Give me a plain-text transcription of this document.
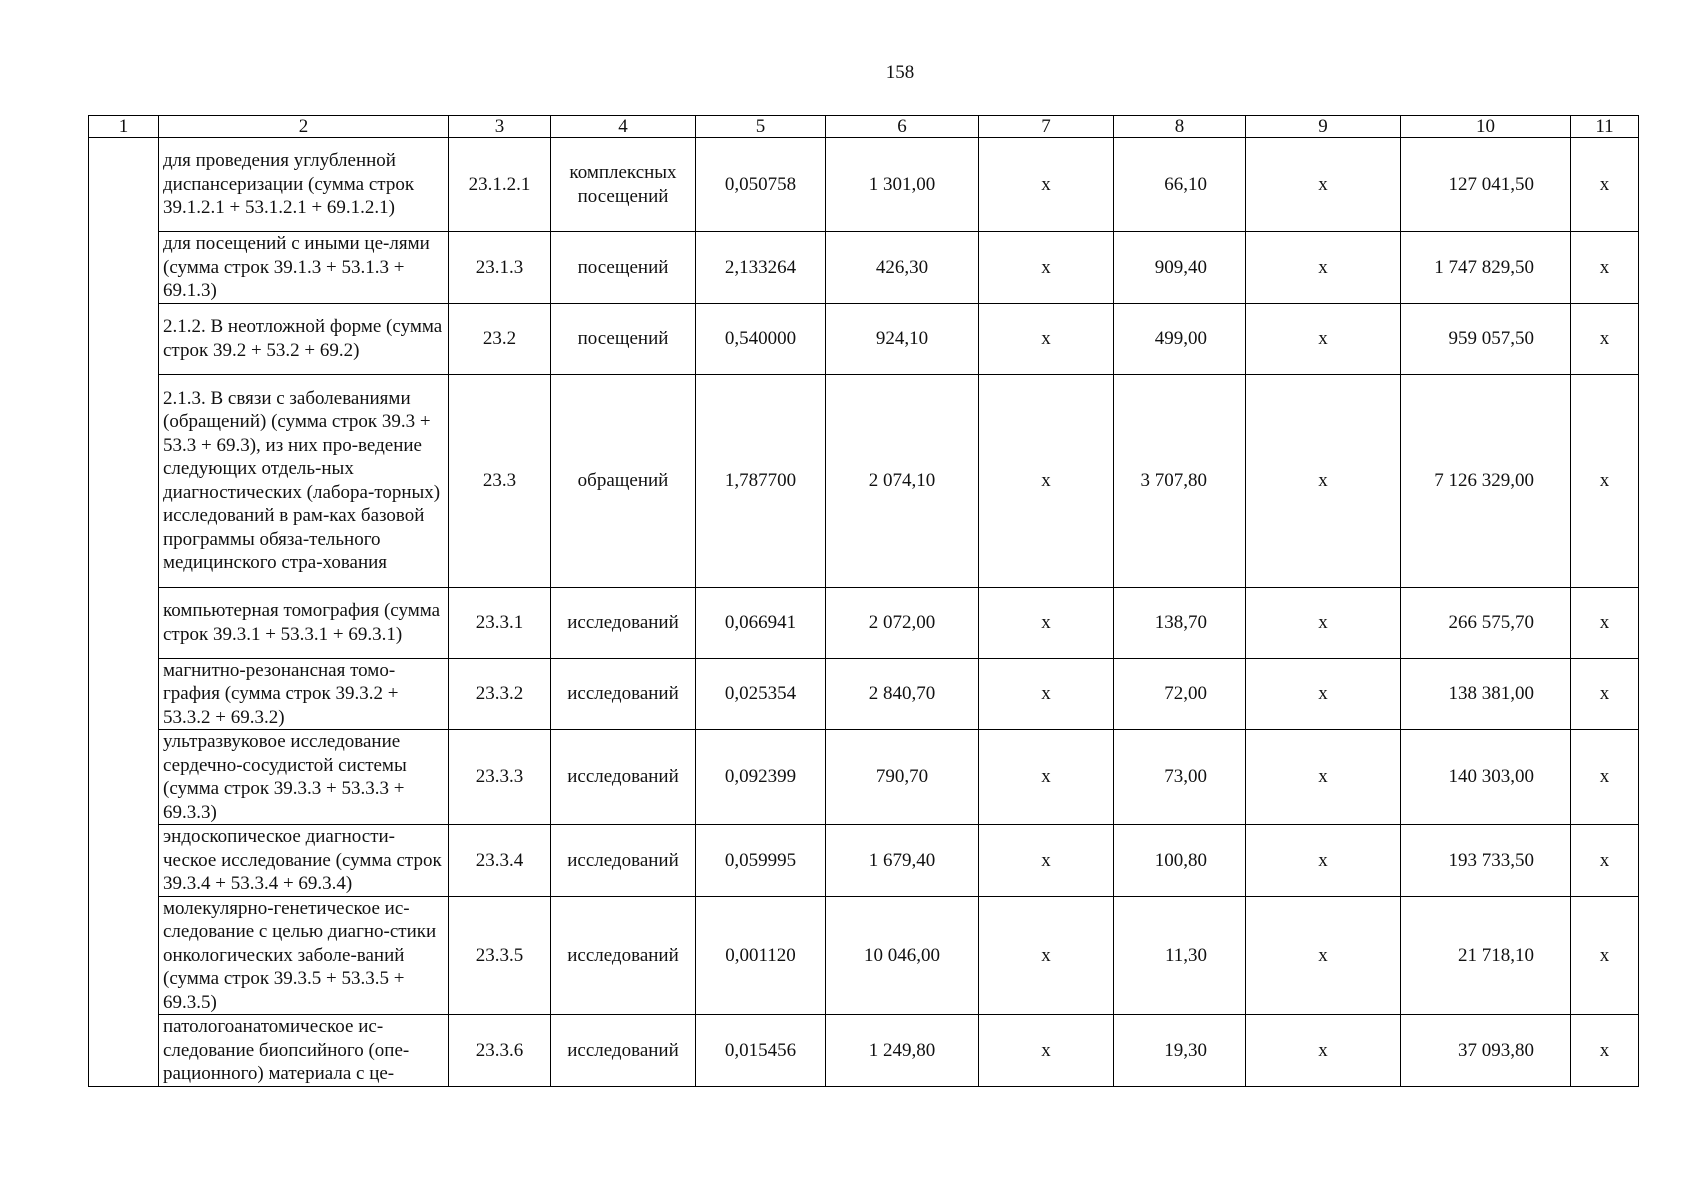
158
1	2	3	4	5	6	7	8	9	10	11
	для проведения углубленной диспансеризации (сумма строк 39.1.2.1 + 53.1.2.1 + 69.1.2.1)	23.1.2.1	комплексных посещений	0,050758	1 301,00	х	66,10	х	127 041,50	х
	для посещений с иными це-лями (сумма строк 39.1.3 + 53.1.3 + 69.1.3)	23.1.3	посещений	2,133264	426,30	х	909,40	х	1 747 829,50	х
	2.1.2. В неотложной форме (сумма строк 39.2 + 53.2 + 69.2)	23.2	посещений	0,540000	924,10	х	499,00	х	959 057,50	х
	2.1.3. В связи с заболеваниями (обращений) (сумма строк 39.3 + 53.3 + 69.3), из них про-ведение следующих отдель-ных диагностических (лабора-торных) исследований в рам-ках базовой программы обяза-тельного медицинского стра-хования	23.3	обращений	1,787700	2 074,10	х	3 707,80	х	7 126 329,00	х
	компьютерная томография (сумма строк 39.3.1 + 53.3.1 + 69.3.1)	23.3.1	исследований	0,066941	2 072,00	х	138,70	х	266 575,70	х
	магнитно-резонансная томо-графия (сумма строк 39.3.2 + 53.3.2 + 69.3.2)	23.3.2	исследований	0,025354	2 840,70	х	72,00	х	138 381,00	х
	ультразвуковое исследование сердечно-сосудистой системы (сумма строк 39.3.3 + 53.3.3 + 69.3.3)	23.3.3	исследований	0,092399	790,70	х	73,00	х	140 303,00	х
	эндоскопическое диагности-ческое исследование (сумма строк 39.3.4 + 53.3.4 + 69.3.4)	23.3.4	исследований	0,059995	1 679,40	х	100,80	х	193 733,50	х
	молекулярно-генетическое ис-следование с целью диагно-стики онкологических заболе-ваний (сумма строк 39.3.5 + 53.3.5 + 69.3.5)	23.3.5	исследований	0,001120	10 046,00	х	11,30	х	21 718,10	х
	патологоанатомическое ис-следование биопсийного (опе-рационного) материала с це-	23.3.6	исследований	0,015456	1 249,80	х	19,30	х	37 093,80	х
